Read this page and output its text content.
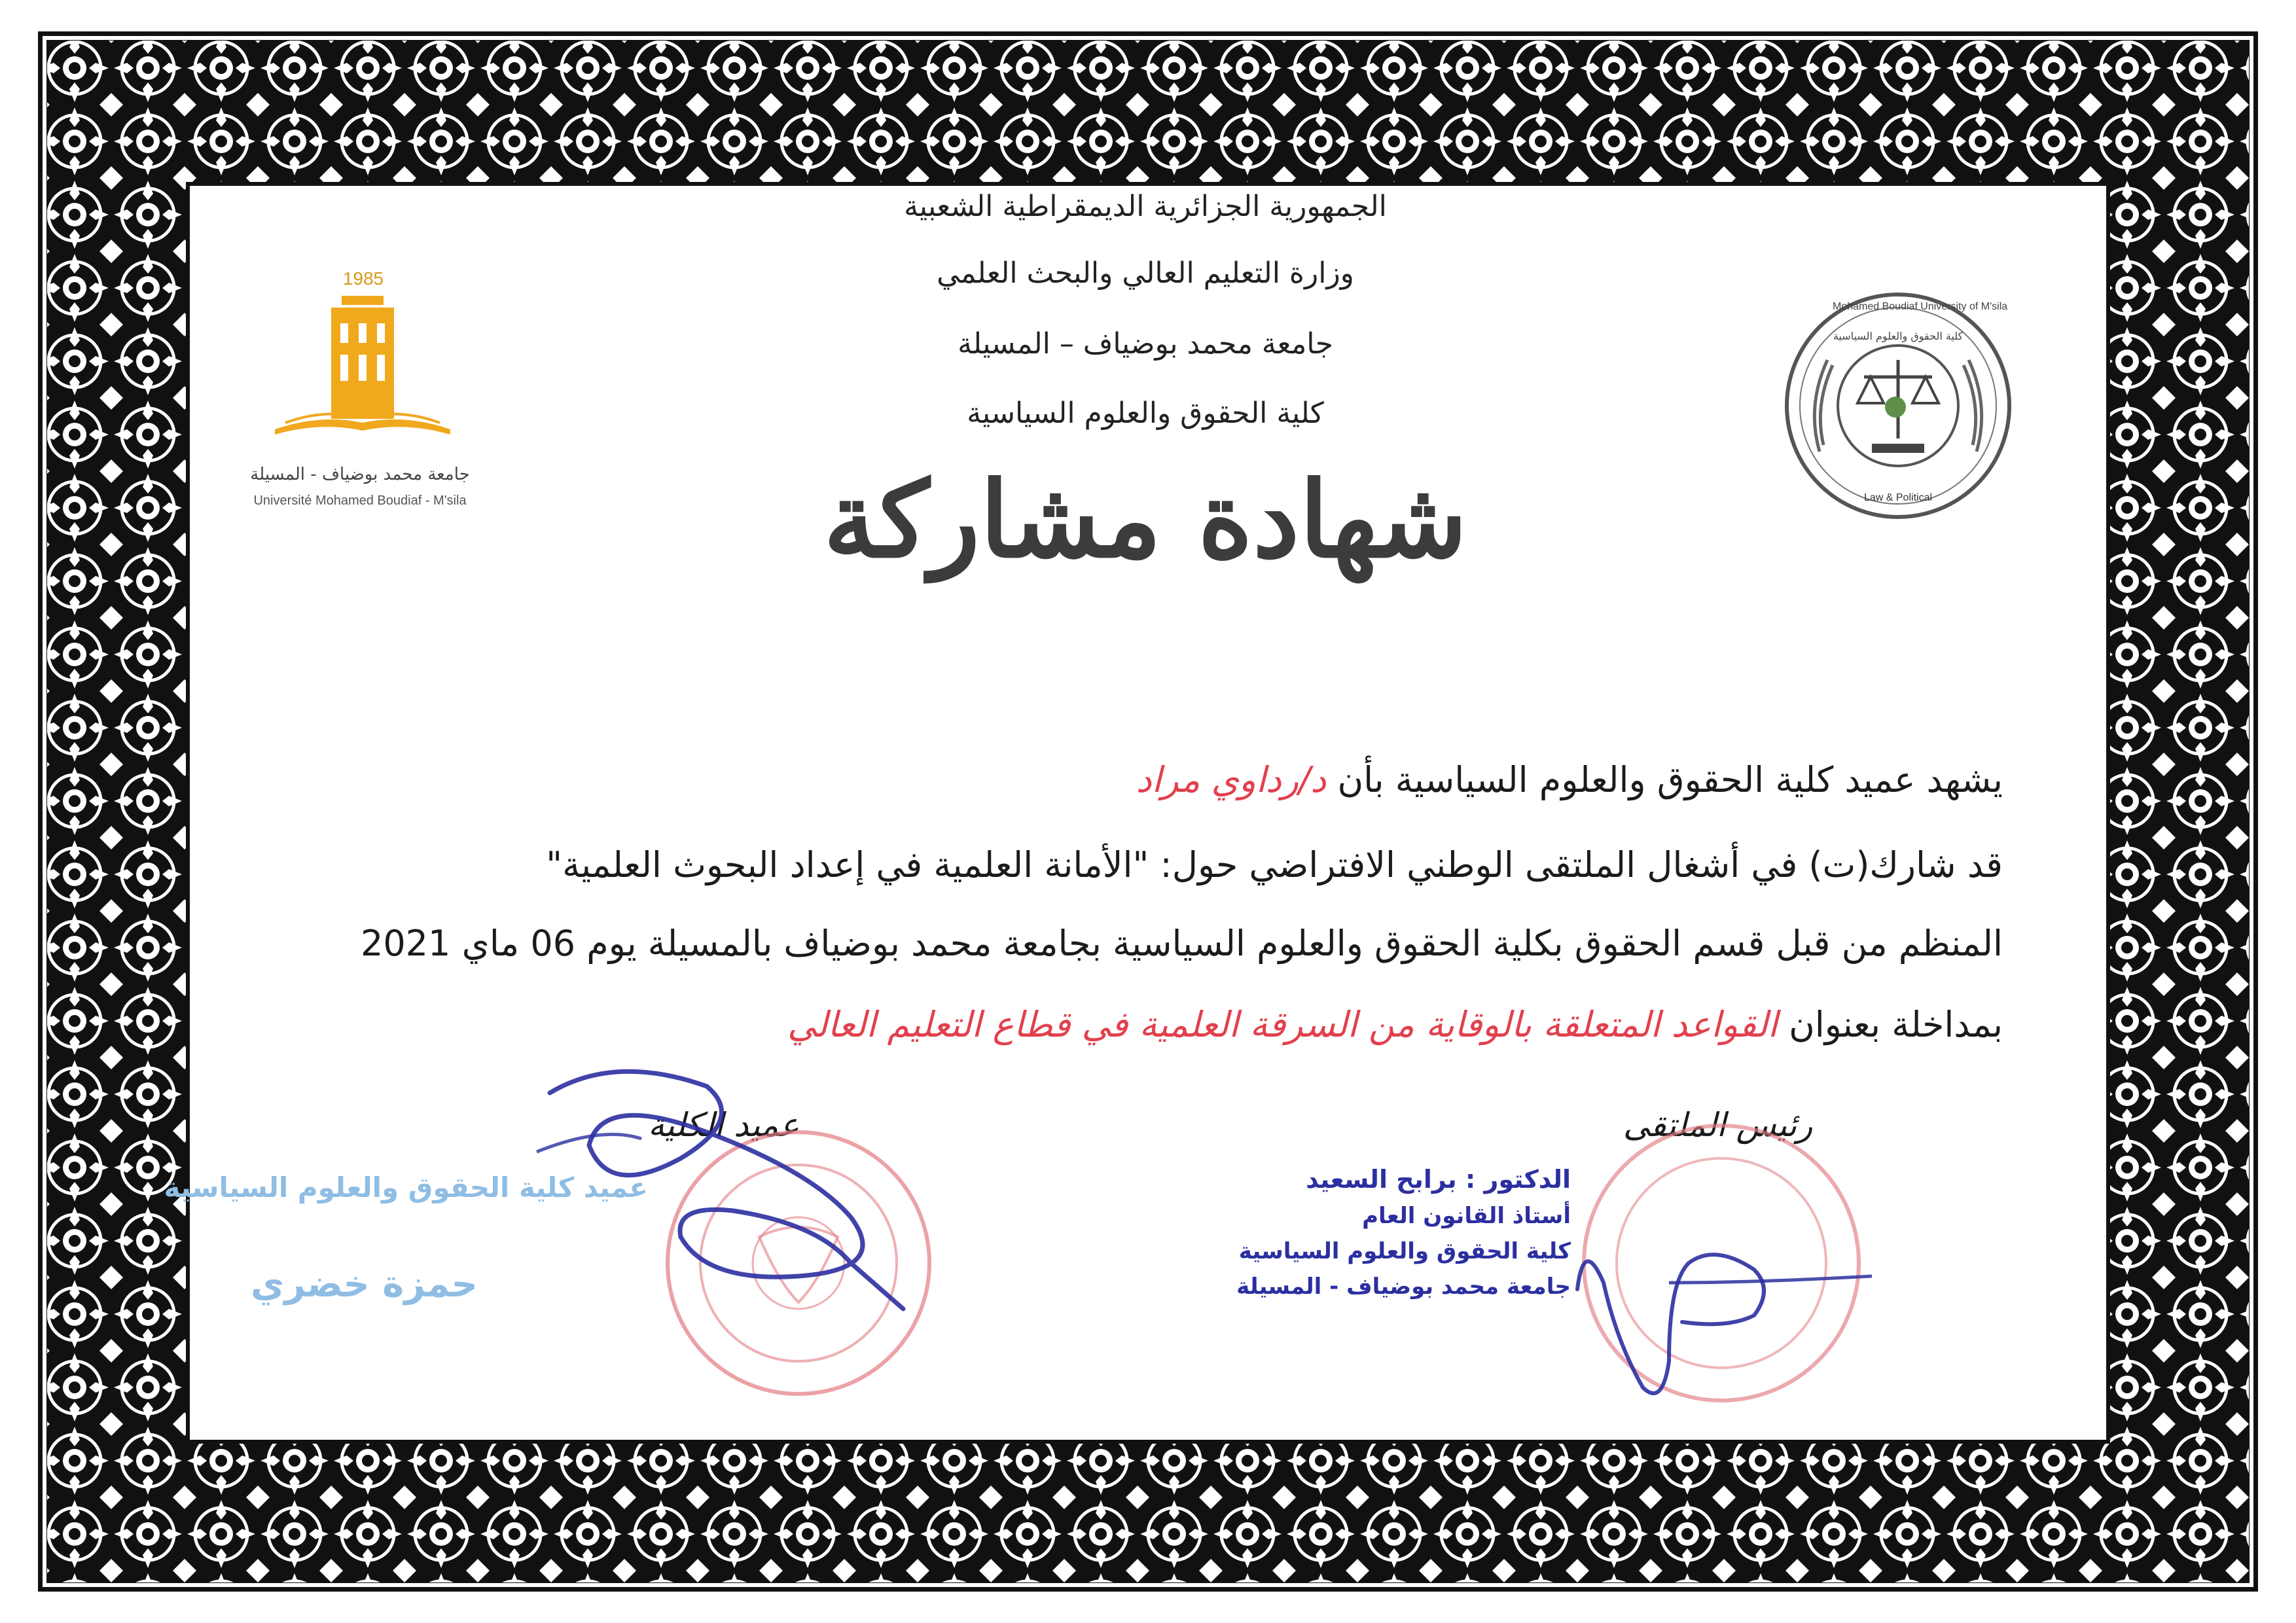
الجمهورية الجزائرية الديمقراطية الشعبية
وزارة التعليم العالي والبحث العلمي
جامعة محمد بوضياف – المسيلة
كلية الحقوق والعلوم السياسية
1985
جامعة محمد بوضياف - المسيلة
Université Mohamed Boudiaf - M'sila
Mohamed Boudiaf University of M'sila
كلية الحقوق والعلوم السياسية
Law & Political
شهادة مشاركة
يشهد عميد كلية الحقوق والعلوم السياسية بأن د/رداوي مراد
قد شارك(ت) في أشغال الملتقى الوطني الافتراضي حول: "الأمانة العلمية في إعداد البحوث العلمية"
المنظم من قبل قسم الحقوق بكلية الحقوق والعلوم السياسية بجامعة محمد بوضياف بالمسيلة يوم 06 ماي 2021
بمداخلة بعنوان القواعد المتعلقة بالوقاية من السرقة العلمية في قطاع التعليم العالي
عميد الكلية
عميد كلية الحقوق والعلوم السياسية
حمزة خضري
رئيس الملتقى
الدكتور : برابح السعيد
أستاذ القانون العام
كلية الحقوق والعلوم السياسية
جامعة محمد بوضياف - المسيلة
